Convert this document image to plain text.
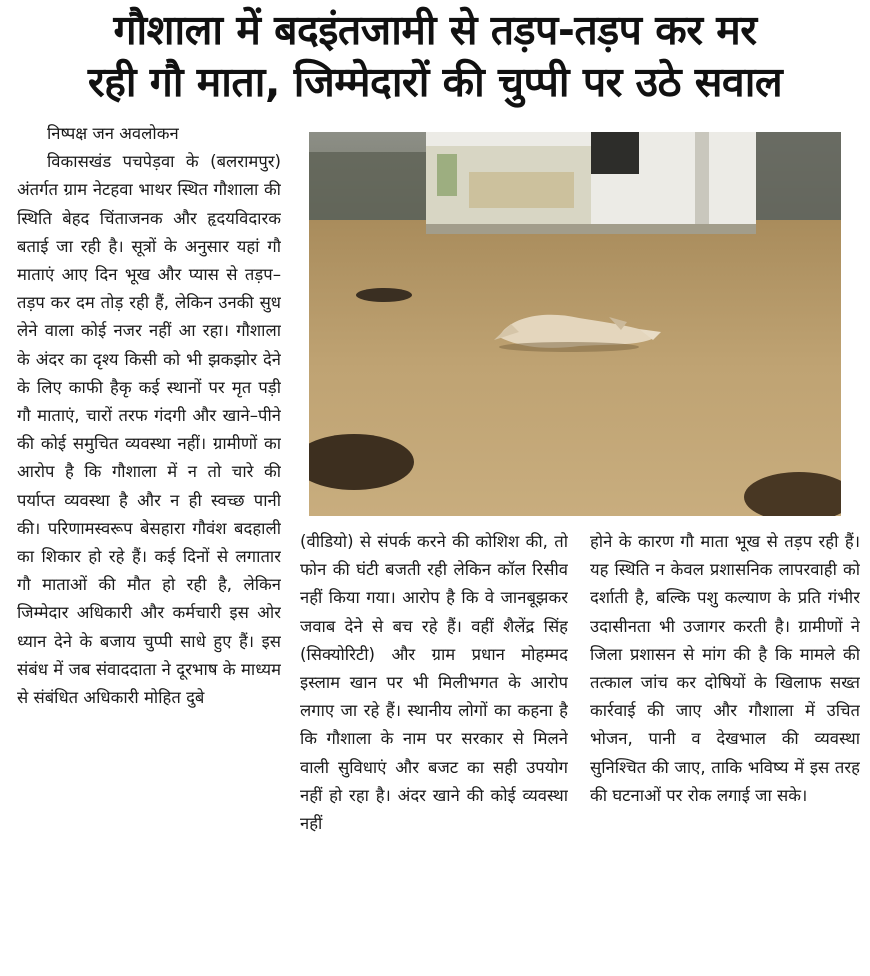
गौशाला में बदइंतजामी से तड़प-तड़प कर मर
रही गौ माता, जिम्मेदारों की चुप्पी पर उठे सवाल
निष्पक्ष जन अवलोकन
विकासखंड पचपेड़वा के (बलरामपुर) अंतर्गत ग्राम नेटहवा भाथर स्थित गौशाला की स्थिति बेहद चिंताजनक और हृदयविदारक बताई जा रही है। सूत्रों के अनुसार यहां गौ माताएं आए दिन भूख और प्यास से तड़प–तड़प कर दम तोड़ रही हैं, लेकिन उनकी सुध लेने वाला कोई नजर नहीं आ रहा। गौशाला के अंदर का दृश्य किसी को भी झकझोर देने के लिए काफी हैकृ कई स्थानों पर मृत पड़ी गौ माताएं, चारों तरफ गंदगी और खाने–पीने की कोई समुचित व्यवस्था नहीं। ग्रामीणों का आरोप है कि गौशाला में न तो चारे की पर्याप्त व्यवस्था है और न ही स्वच्छ पानी की। परिणामस्वरूप बेसहारा गौवंश बदहाली का शिकार हो रहे हैं। कई दिनों से लगातार गौ माताओं की मौत हो रही है, लेकिन जिम्मेदार अधिकारी और कर्मचारी इस ओर ध्यान देने के बजाय चुप्पी साधे हुए हैं। इस संबंध में जब संवाददाता ने दूरभाष के माध्यम से संबंधित अधिकारी मोहित दुबे
(वीडियो) से संपर्क करने की कोशिश की, तो फोन की घंटी बजती रही लेकिन कॉल रिसीव नहीं किया गया। आरोप है कि वे जानबूझकर जवाब देने से बच रहे हैं। वहीं शैलेंद्र सिंह (सिक्योरिटी) और ग्राम प्रधान मोहम्मद इस्लाम खान पर भी मिलीभगत के आरोप लगाए जा रहे हैं। स्थानीय लोगों का कहना है कि गौशाला के नाम पर सरकार से मिलने वाली सुविधाएं और बजट का सही उपयोग नहीं हो रहा है। अंदर खाने की कोई व्यवस्था नहीं
होने के कारण गौ माता भूख से तड़प रही हैं। यह स्थिति न केवल प्रशासनिक लापरवाही को दर्शाती है, बल्कि पशु कल्याण के प्रति गंभीर उदासीनता भी उजागर करती है। ग्रामीणों ने जिला प्रशासन से मांग की है कि मामले की तत्काल जांच कर दोषियों के खिलाफ सख्त कार्रवाई की जाए और गौशाला में उचित भोजन, पानी व देखभाल की व्यवस्था सुनिश्चित की जाए, ताकि भविष्य में इस तरह की घटनाओं पर रोक लगाई जा सके।
